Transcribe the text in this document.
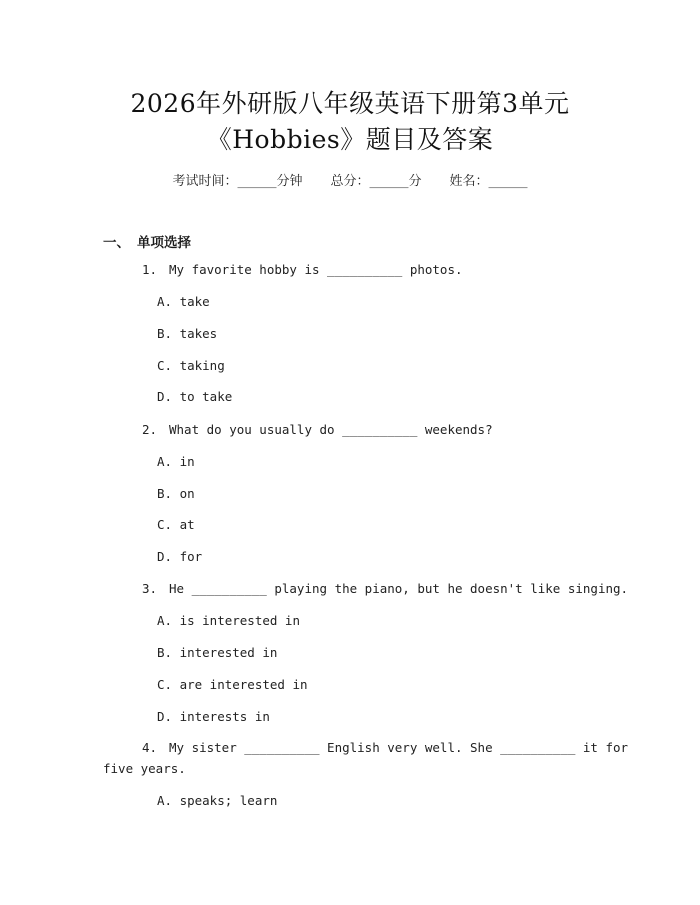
2026年外研版八年级英语下册第3单元
《Hobbies》题目及答案
考试时间：______分钟 总分：______分 姓名：______
一、 单项选择
1. My favorite hobby is __________ photos.
A. take
B. takes
C. taking
D. to take
2. What do you usually do __________ weekends?
A. in
B. on
C. at
D. for
3. He __________ playing the piano, but he doesn't like singing.
A. is interested in
B. interested in
C. are interested in
D. interests in
4. My sister __________ English very well. She __________ it for
five years.
A. speaks; learn
